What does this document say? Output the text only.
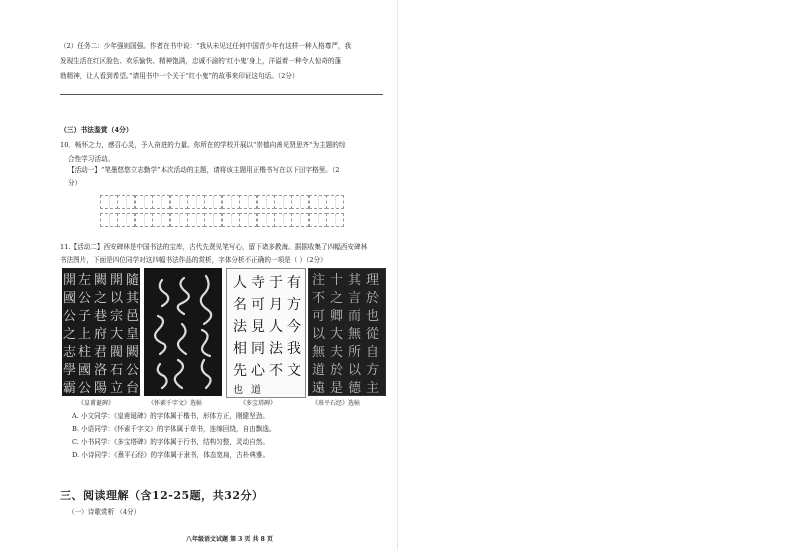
（2）任务二：少年强则国强。作者在书中说：“我从未见过任何中国青少年有这样一种人格尊严，我

发现生活在红区脸色、欢乐愉快、精神饱满，忠诚不渝的‘红小鬼’身上，洋溢着一种令人惊奇的蓬

勃精神，让人看到希望。”请用书中一个关于“红小鬼”的故事来印证这句话。（2分）

（三）书法鉴赏（4分）

10．畅怀之力，感召心灵，予人奋进的力量。你所在的学校开展以“崇德向善见贤思齐”为主题的综

合性学习活动。

【活动一】“笔墨悠悠立志勤学”本次活动的主题，请将该主题用正楷书写在以下田字格里。（2

分）

11.【活动二】西安碑林是中国书法的宝库，古代先贤见笔写心，留下诸多教海。据据收集了四幅西安碑林

书法图片，下面是四位同学对这四幅书法作品的赏析，字体分析不正确的一项是（ ）（2分）

隨
其
邑
皇
闕
公
台
開
以
宗
大
閥
石
立
闕
之
巷
府
君
洛
陽
左
公
子
上
柱
國
公
開
國
公
之
志
學
霸
有
方
今
我
文
于
月
人
法
不
寺
可
見
同
心
人
名
法
相
先
也 道
理
於
也
從
自
方
主
其
言
而
無
所
以
德
十
之
卿
大
夫
於
是
注
不
可
以
無
道
遠

《皇甫诞碑》	《怀素千字文》选帖	《多宝塔碑》	《熹平石经》选帖

A. 小文同学：《皇甫诞碑》的字体属于楷书，形体方正，刚健坚劲。

B. 小语同学：《怀素千字文》的字体属于草书，连绵回绕，自由飘逸。

C. 小书同学：《多宝塔碑》的字体属于行书，结构匀整，灵动自然。

D. 小诗同学：《熹平石经》的字体属于隶书，体态宽扁，古朴典雅。

三、阅读理解（含12-25题，共32分）

（一）诗歌赏析 （4分）

八年级语文试题 第 3 页 共 8 页
